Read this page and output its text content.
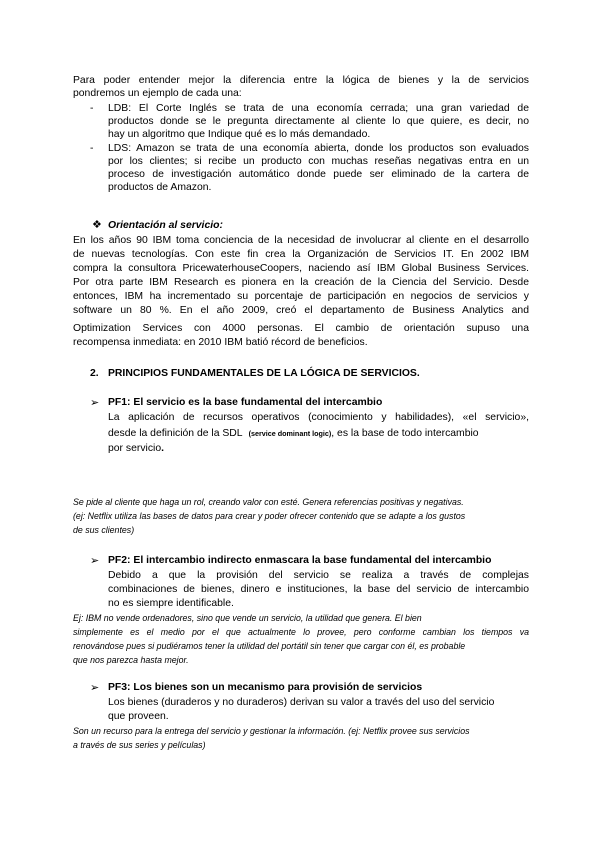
Para poder entender mejor la diferencia entre la lógica de bienes y la de servicios
pondremos un ejemplo de cada una:
- LDB: El Corte Inglés se trata de una economía cerrada; una gran variedad de
productos donde se le pregunta directamente al cliente lo que quiere, es decir, no
hay un algoritmo que Indique qué es lo más demandado.
- LDS: Amazon se trata de una economía abierta, donde los productos son evaluados
por los clientes; si recibe un producto con muchas reseñas negativas entra en un
proceso de investigación automático donde puede ser eliminado de la cartera de
productos de Amazon.
❖ Orientación al servicio:
En los años 90 IBM toma conciencia de la necesidad de involucrar al cliente en el desarrollo
de nuevas tecnologías. Con este fin crea la Organización de Servicios IT. En 2002 IBM
compra la consultora PricewaterhouseCoopers, naciendo así IBM Global Business Services.
Por otra parte IBM Research es pionera en la creación de la Ciencia del Servicio. Desde
entonces, IBM ha incrementado su porcentaje de participación en negocios de servicios y
software un 80 %. En el año 2009, creó el departamento de Business Analytics and
Optimization Services con 4000 personas. El cambio de orientación supuso una
recompensa inmediata: en 2010 IBM batió récord de beneficios.
2. PRINCIPIOS FUNDAMENTALES DE LA LÓGICA DE SERVICIOS.
➢ PF1: El servicio es la base fundamental del intercambio
La aplicación de recursos operativos (conocimiento y habilidades), «el servicio»,
desde la definición de la SDL (service dominant logic), es la base de todo intercambio
por servicio.
Se pide al cliente que haga un rol, creando valor con esté. Genera referencias positivas y negativas.
(ej: Netflix utiliza las bases de datos para crear y poder ofrecer contenido que se adapte a los gustos
de sus clientes)
➢ PF2: El intercambio indirecto enmascara la base fundamental del intercambio
Debido a que la provisión del servicio se realiza a través de complejas
combinaciones de bienes, dinero e instituciones, la base del servicio de intercambio
no es siempre identificable.
Ej: IBM no vende ordenadores, sino que vende un servicio, la utilidad que genera. El bien
simplemente es el medio por el que actualmente lo provee, pero conforme cambian los tiempos va
renovándose pues si pudiéramos tener la utilidad del portátil sin tener que cargar con él, es probable
que nos parezca hasta mejor.
➢ PF3: Los bienes son un mecanismo para provisión de servicios
Los bienes (duraderos y no duraderos) derivan su valor a través del uso del servicio
que proveen.
Son un recurso para la entrega del servicio y gestionar la información. (ej: Netflix provee sus servicios
a través de sus series y películas)
